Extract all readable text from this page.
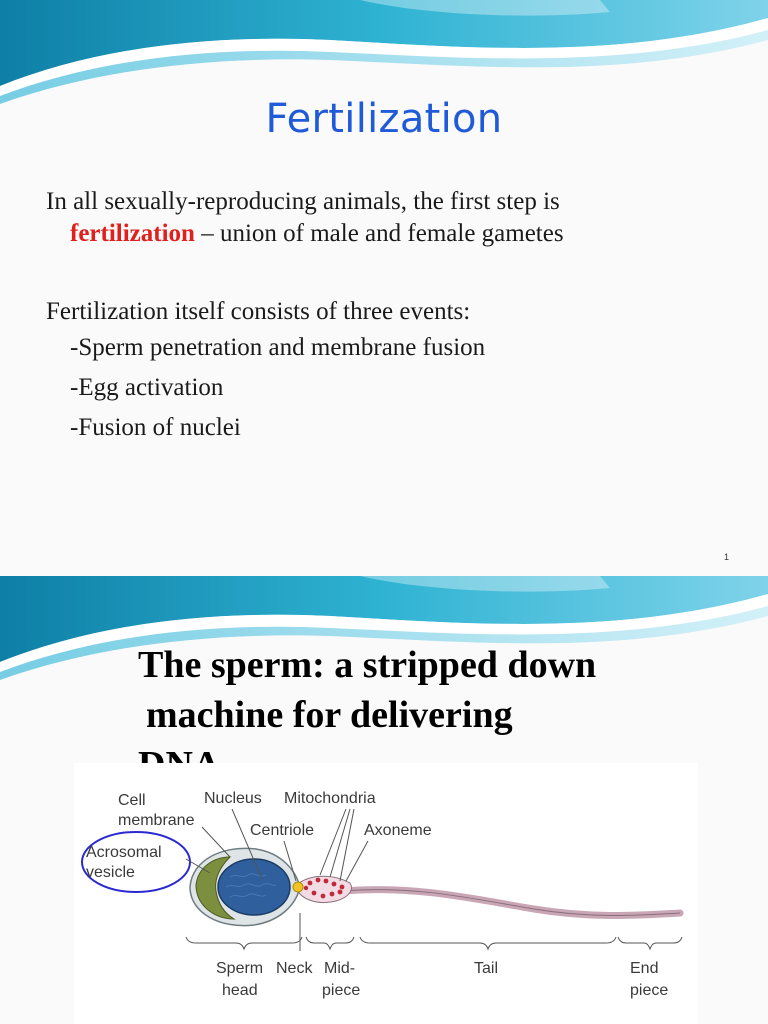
Fertilization
In all sexually-reproducing animals, the first step is
fertilization – union of male and female gametes
Fertilization itself consists of three events:
-Sperm penetration and membrane fusion
-Egg activation
-Fusion of nuclei
1
The sperm: a stripped down
machine for delivering
Cell
membrane
Nucleus Mitochondria
Centriole	Axoneme
Acrosomal
vesicle
Sperm
head
Neck Mid-
piece
Tail	End
piece
